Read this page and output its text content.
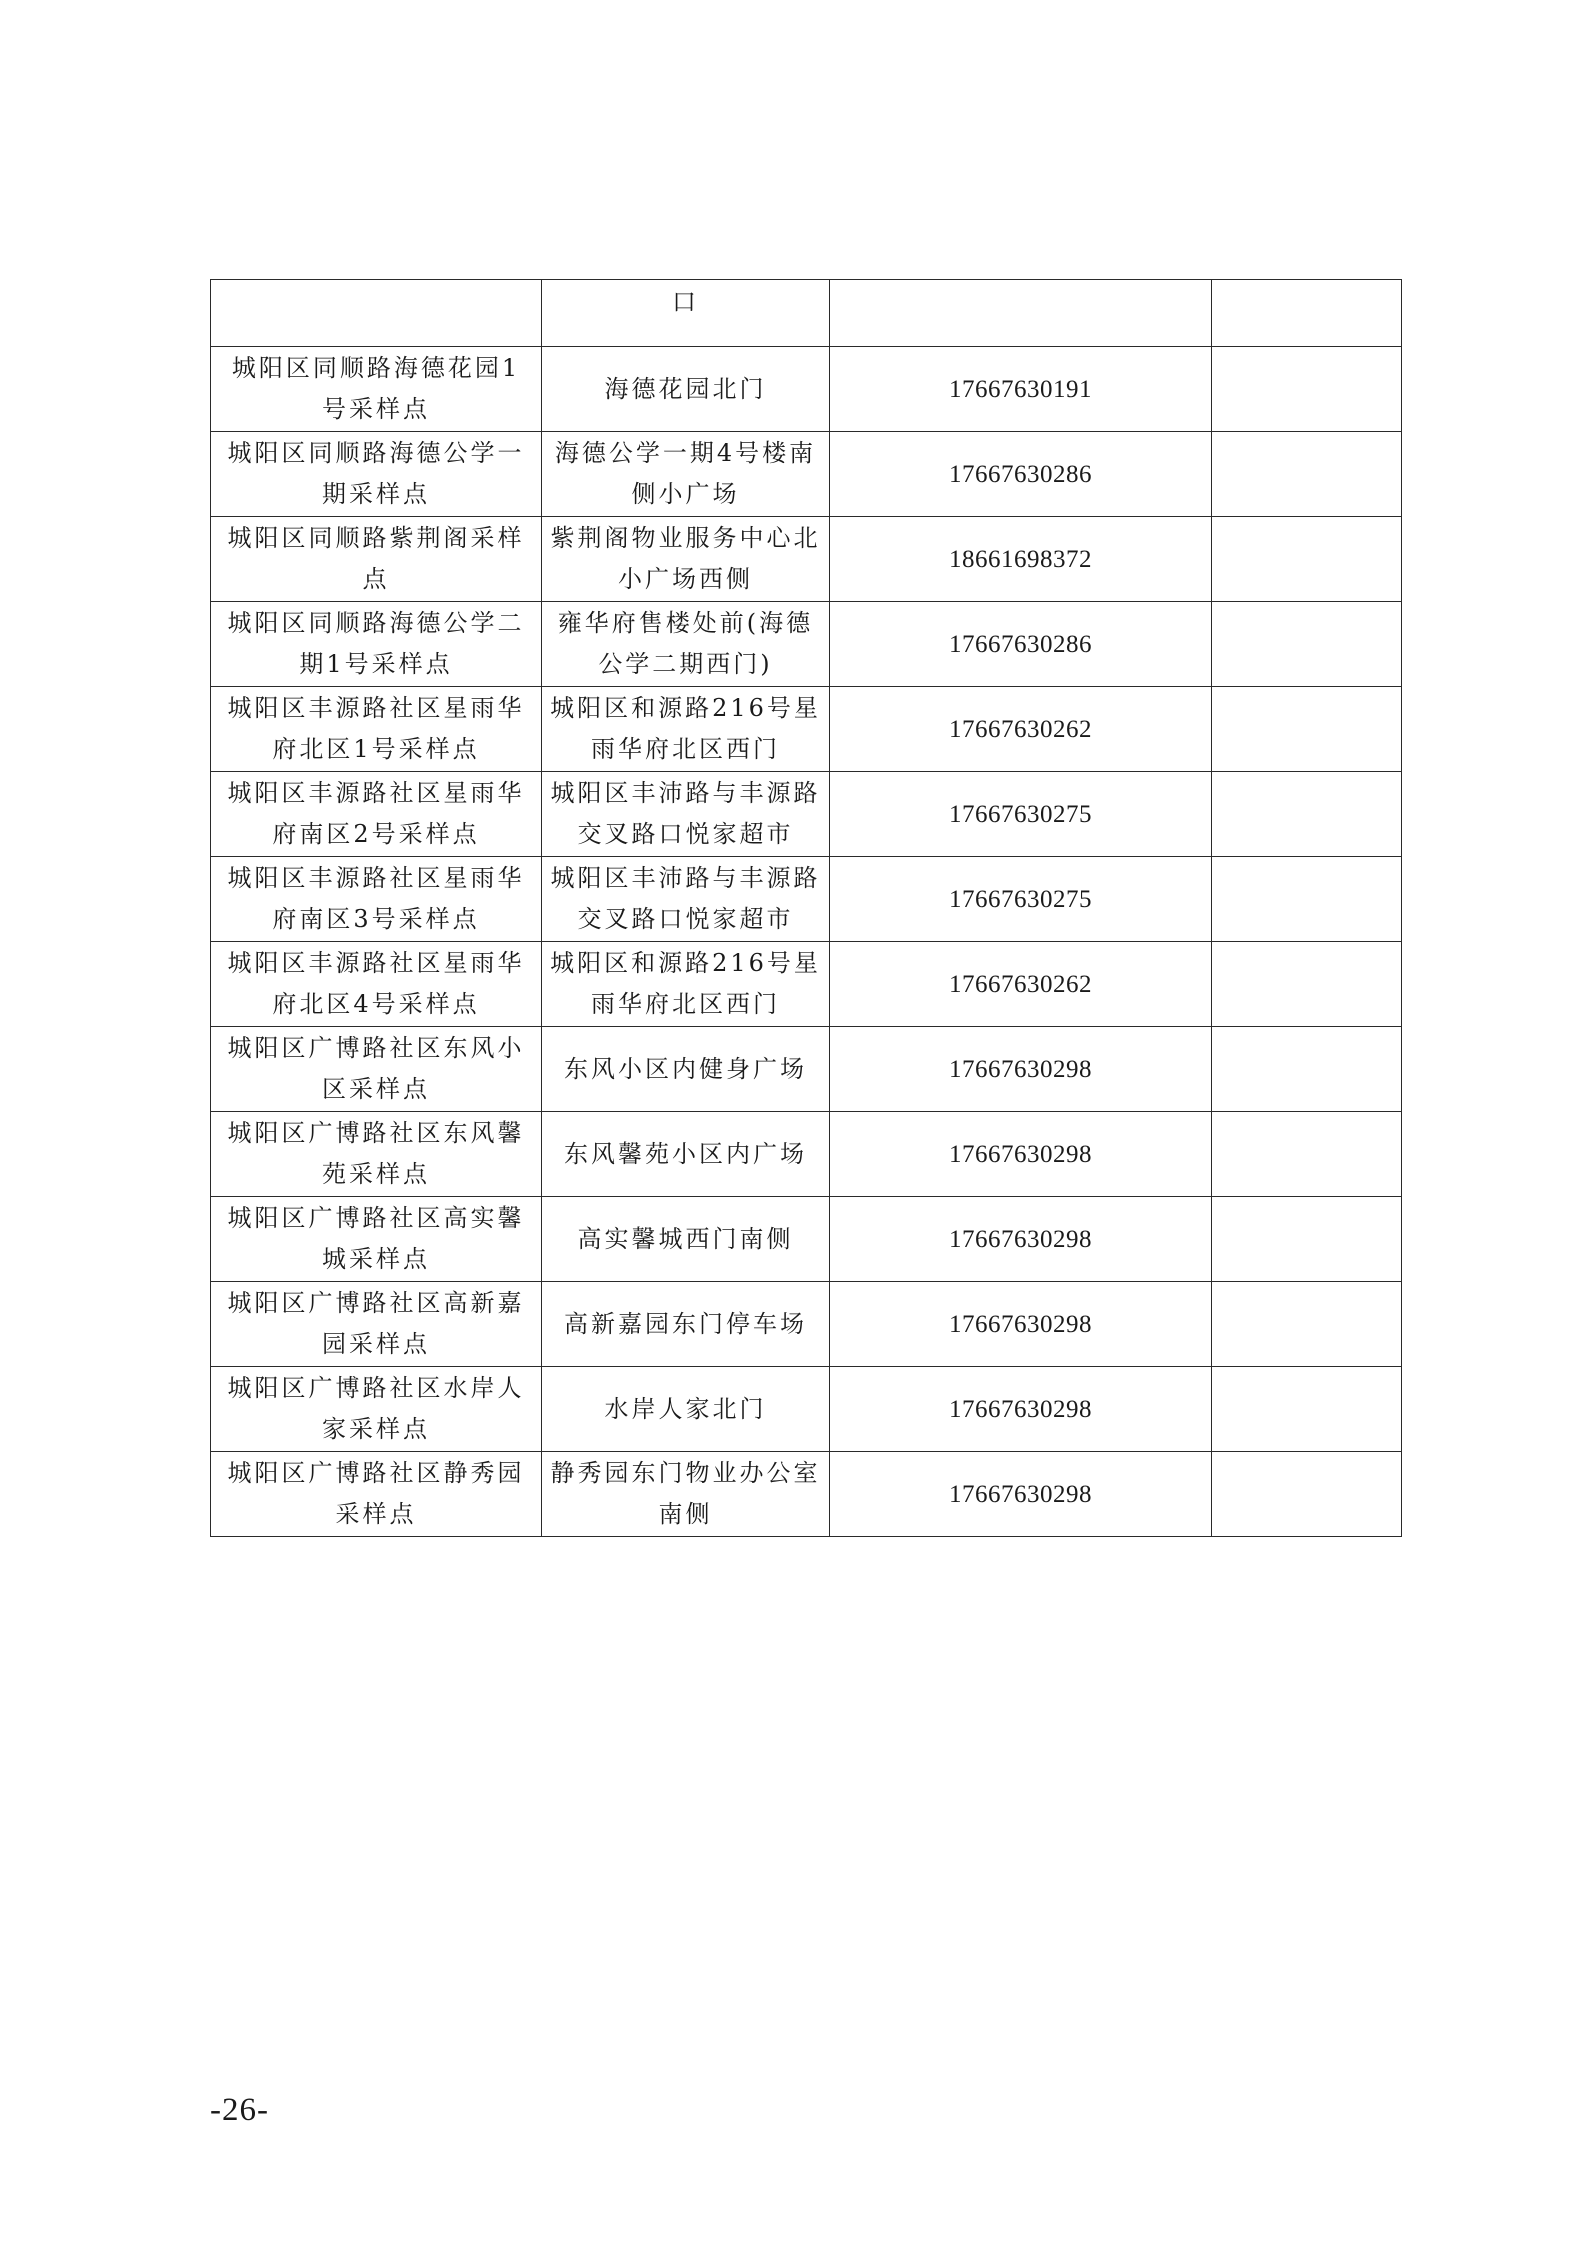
	口		
城阳区同顺路海德花园1号采样点	海德花园北门	17667630191	
城阳区同顺路海德公学一期采样点	海德公学一期4号楼南侧小广场	17667630286	
城阳区同顺路紫荆阁采样点	紫荆阁物业服务中心北小广场西侧	18661698372	
城阳区同顺路海德公学二期1号采样点	雍华府售楼处前(海德公学二期西门)	17667630286	
城阳区丰源路社区星雨华府北区1号采样点	城阳区和源路216号星雨华府北区西门	17667630262	
城阳区丰源路社区星雨华府南区2号采样点	城阳区丰沛路与丰源路交叉路口悦家超市	17667630275	
城阳区丰源路社区星雨华府南区3号采样点	城阳区丰沛路与丰源路交叉路口悦家超市	17667630275	
城阳区丰源路社区星雨华府北区4号采样点	城阳区和源路216号星雨华府北区西门	17667630262	
城阳区广博路社区东风小区采样点	东风小区内健身广场	17667630298	
城阳区广博路社区东风馨苑采样点	东风馨苑小区内广场	17667630298	
城阳区广博路社区高实馨城采样点	高实馨城西门南侧	17667630298	
城阳区广博路社区高新嘉园采样点	高新嘉园东门停车场	17667630298	
城阳区广博路社区水岸人家采样点	水岸人家北门	17667630298	
城阳区广博路社区静秀园采样点	静秀园东门物业办公室南侧	17667630298	
-26-
